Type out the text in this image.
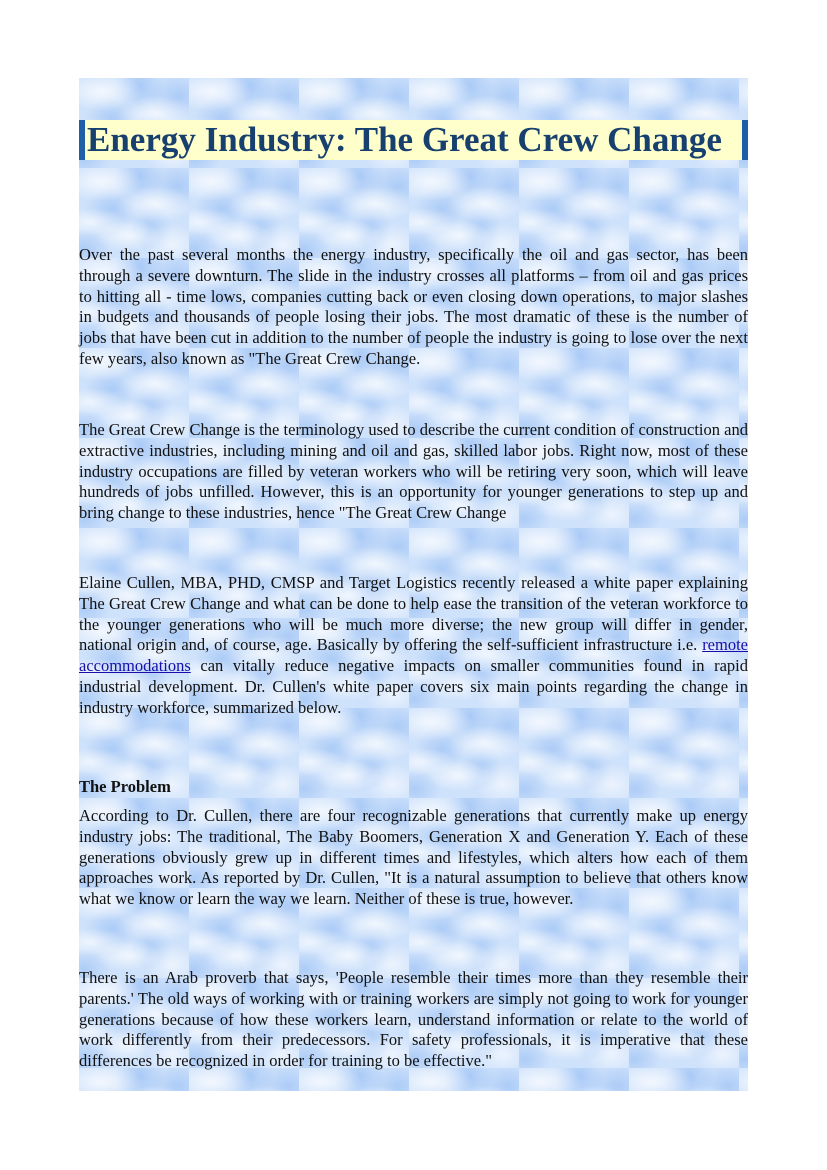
Energy Industry: The Great Crew Change

Over the past several months the energy industry, specifically the oil and gas sector, has been through a severe downturn. The slide in the industry crosses all platforms – from oil and gas prices to hitting all - time lows, companies cutting back or even closing down operations, to major slashes in budgets and thousands of people losing their jobs. The most dramatic of these is the number of jobs that have been cut in addition to the number of people the industry is going to lose over the next few years, also known as "The Great Crew Change.

The Great Crew Change is the terminology used to describe the current condition of construction and extractive industries, including mining and oil and gas, skilled labor jobs. Right now, most of these industry occupations are filled by veteran workers who will be retiring very soon, which will leave hundreds of jobs unfilled. However, this is an opportunity for younger generations to step up and bring change to these industries, hence "The Great Crew Change

Elaine Cullen, MBA, PHD, CMSP and Target Logistics recently released a white paper explaining The Great Crew Change and what can be done to help ease the transition of the veteran workforce to the younger generations who will be much more diverse; the new group will differ in gender, national origin and, of course, age. Basically by offering the self-sufficient infrastructure i.e. remote accommodations can vitally reduce negative impacts on smaller communities found in rapid industrial development. Dr. Cullen's white paper covers six main points regarding the change in industry workforce, summarized below.

The Problem

According to Dr. Cullen, there are four recognizable generations that currently make up energy industry jobs: The traditional, The Baby Boomers, Generation X and Generation Y. Each of these generations obviously grew up in different times and lifestyles, which alters how each of them approaches work. As reported by Dr. Cullen, "It is a natural assumption to believe that others know what we know or learn the way we learn. Neither of these is true, however.

There is an Arab proverb that says, 'People resemble their times more than they resemble their parents.' The old ways of working with or training workers are simply not going to work for younger generations because of how these workers learn, understand information or relate to the world of work differently from their predecessors. For safety professionals, it is imperative that these differences be recognized in order for training to be effective."
